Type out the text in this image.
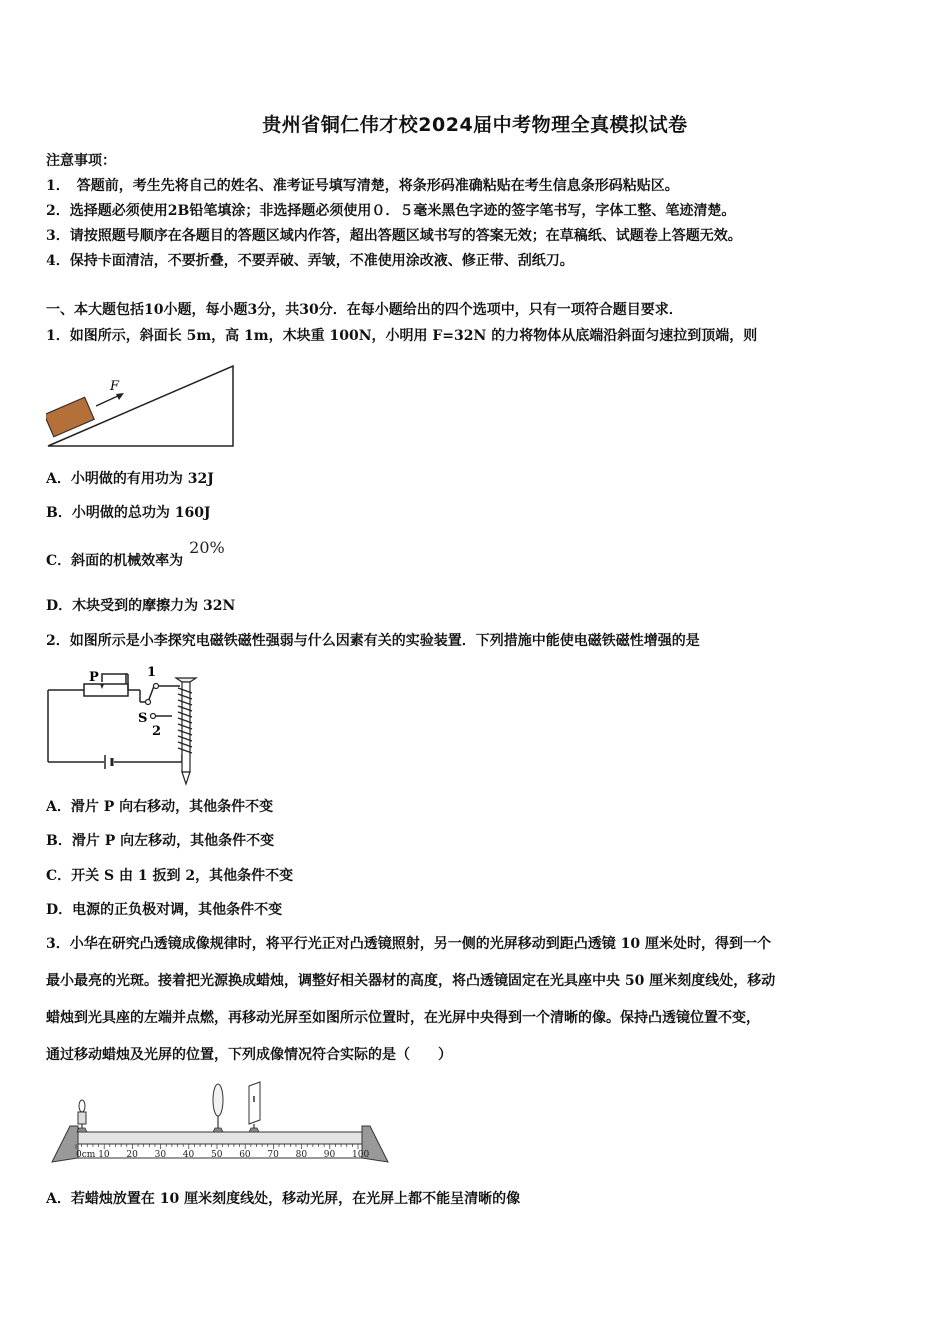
贵州省铜仁伟才校2024届中考物理全真模拟试卷
注意事项：
1．　答题前，考生先将自己的姓名、准考证号填写清楚，将条形码准确粘贴在考生信息条形码粘贴区。
2．选择题必须使用2B铅笔填涂；非选择题必须使用０．５毫米黑色字迹的签字笔书写，字体工整、笔迹清楚。
3．请按照题号顺序在各题目的答题区域内作答，超出答题区域书写的答案无效；在草稿纸、试题卷上答题无效。
4．保持卡面清洁，不要折叠，不要弄破、弄皱，不准使用涂改液、修正带、刮纸刀。
一、本大题包括10小题，每小题3分，共30分．在每小题给出的四个选项中，只有一项符合题目要求．
1．如图所示，斜面长 5m，高 1m，木块重 100N，小明用 F=32N 的力将物体从底端沿斜面匀速拉到顶端，则
F
A．小明做的有用功为 32J
B．小明做的总功为 160J
C．斜面的机械效率为20%
D．木块受到的摩擦力为 32N
2．如图所示是小李探究电磁铁磁性强弱与什么因素有关的实验装置．下列措施中能使电磁铁磁性增强的是
P	1
S
2
A．滑片 P 向右移动，其他条件不变
B．滑片 P 向左移动，其他条件不变
C．开关 S 由 1 扳到 2，其他条件不变
D．电源的正负极对调，其他条件不变
3．小华在研究凸透镜成像规律时，将平行光正对凸透镜照射，另一侧的光屏移动到距凸透镜 10 厘米处时，得到一个
最小最亮的光斑。接着把光源换成蜡烛，调整好相关器材的高度，将凸透镜固定在光具座中央 50 厘米刻度线处，移动
蜡烛到光具座的左端并点燃，再移动光屏至如图所示位置时，在光屏中央得到一个清晰的像。保持凸透镜位置不变，
通过移动蜡烛及光屏的位置，下列成像情况符合实际的是（　　）
0cm 10 20 30 40 50 60 70 80 90 100
A．若蜡烛放置在 10 厘米刻度线处，移动光屏，在光屏上都不能呈清晰的像
